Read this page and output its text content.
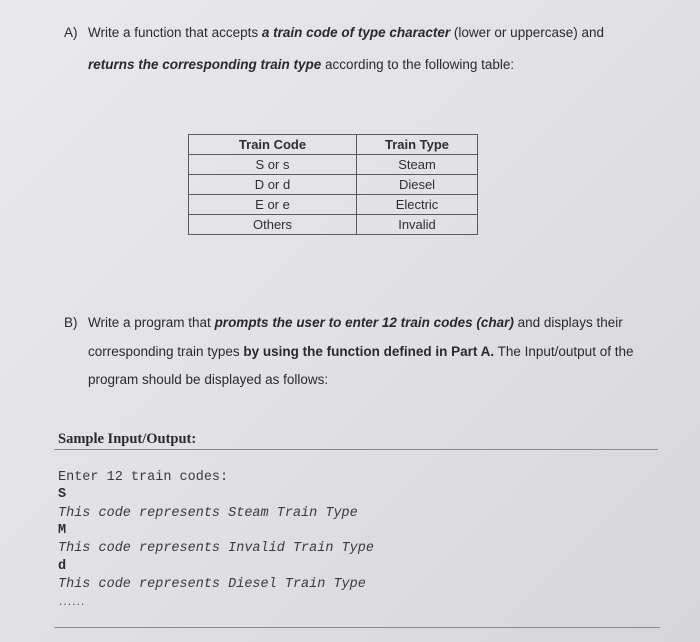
A) Write a function that accepts a train code of type character (lower or uppercase) and
returns the corresponding train type according to the following table:
Train Code	Train Type
S or s	Steam
D or d	Diesel
E or e	Electric
Others	Invalid
B) Write a program that prompts the user to enter 12 train codes (char) and displays their
corresponding train types by using the function defined in Part A. The Input/output of the
program should be displayed as follows:
Sample Input/Output:
Enter 12 train codes:
S
This code represents Steam Train Type
M
This code represents Invalid Train Type
d
This code represents Diesel Train Type
......
